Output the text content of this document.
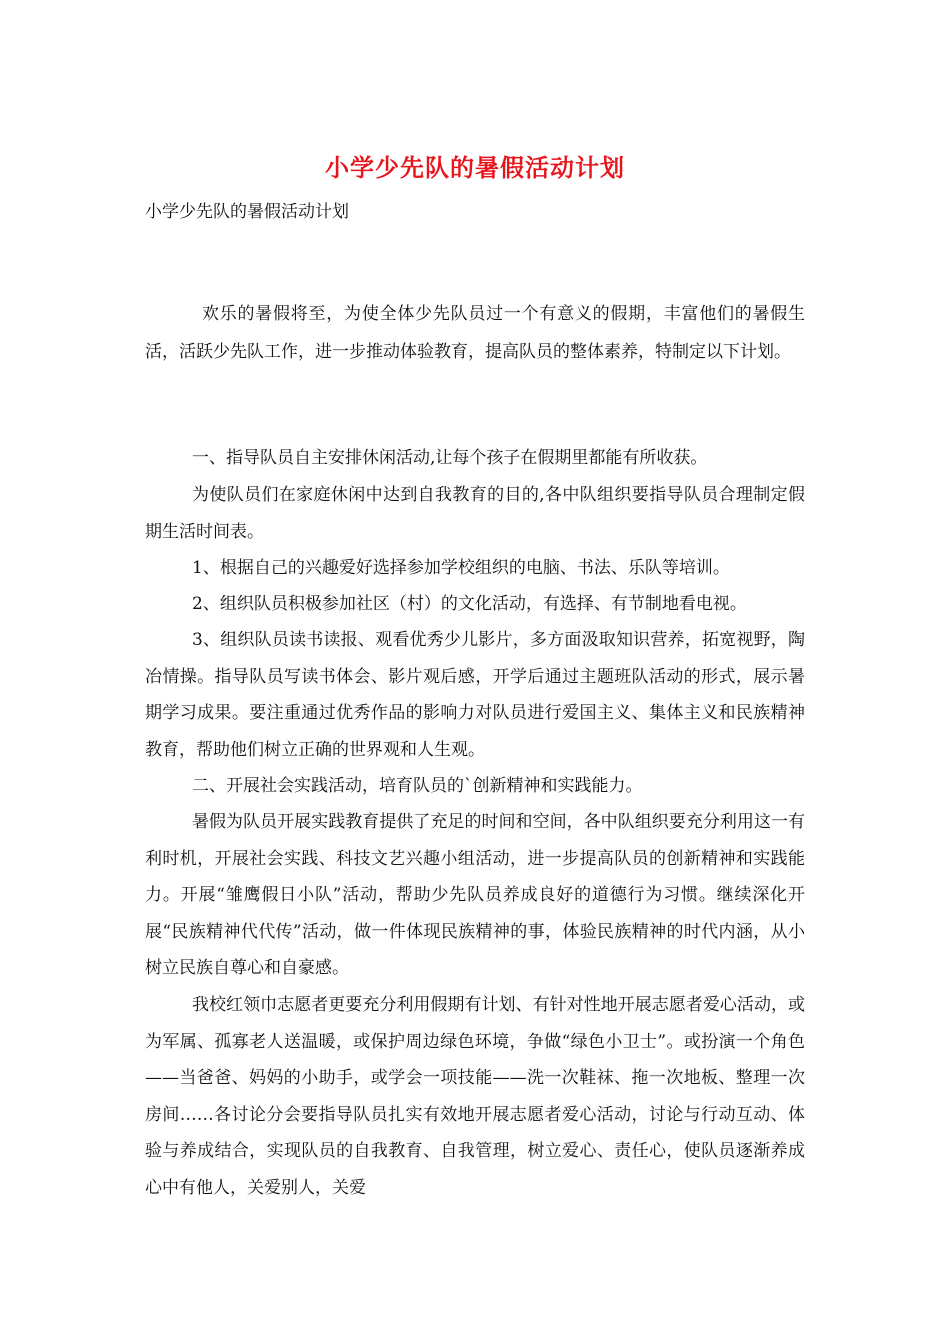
小学少先队的暑假活动计划

小学少先队的暑假活动计划

欢乐的暑假将至，为使全体少先队员过一个有意义的假期，丰富他们的暑假生活，活跃少先队工作，进一步推动体验教育，提高队员的整体素养，特制定以下计划。

一、指导队员自主安排休闲活动,让每个孩子在假期里都能有所收获。

为使队员们在家庭休闲中达到自我教育的目的,各中队组织要指导队员合理制定假期生活时间表。

1、根据自己的兴趣爱好选择参加学校组织的电脑、书法、乐队等培训。

2、组织队员积极参加社区（村）的文化活动，有选择、有节制地看电视。

3、组织队员读书读报、观看优秀少儿影片，多方面汲取知识营养，拓宽视野，陶冶情操。指导队员写读书体会、影片观后感，开学后通过主题班队活动的形式，展示暑期学习成果。要注重通过优秀作品的影响力对队员进行爱国主义、集体主义和民族精神教育，帮助他们树立正确的世界观和人生观。

二、开展社会实践活动，培育队员的`创新精神和实践能力。

暑假为队员开展实践教育提供了充足的时间和空间，各中队组织要充分利用这一有利时机，开展社会实践、科技文艺兴趣小组活动，进一步提高队员的创新精神和实践能力。开展“雏鹰假日小队”活动，帮助少先队员养成良好的道德行为习惯。继续深化开展“民族精神代代传”活动，做一件体现民族精神的事，体验民族精神的时代内涵，从小树立民族自尊心和自豪感。

我校红领巾志愿者更要充分利用假期有计划、有针对性地开展志愿者爱心活动，或为军属、孤寡老人送温暖，或保护周边绿色环境，争做“绿色小卫士”。或扮演一个角色——当爸爸、妈妈的小助手，或学会一项技能——洗一次鞋袜、拖一次地板、整理一次房间……各讨论分会要指导队员扎实有效地开展志愿者爱心活动，讨论与行动互动、体验与养成结合，实现队员的自我教育、自我管理，树立爱心、责任心，使队员逐渐养成心中有他人，关爱别人，关爱
